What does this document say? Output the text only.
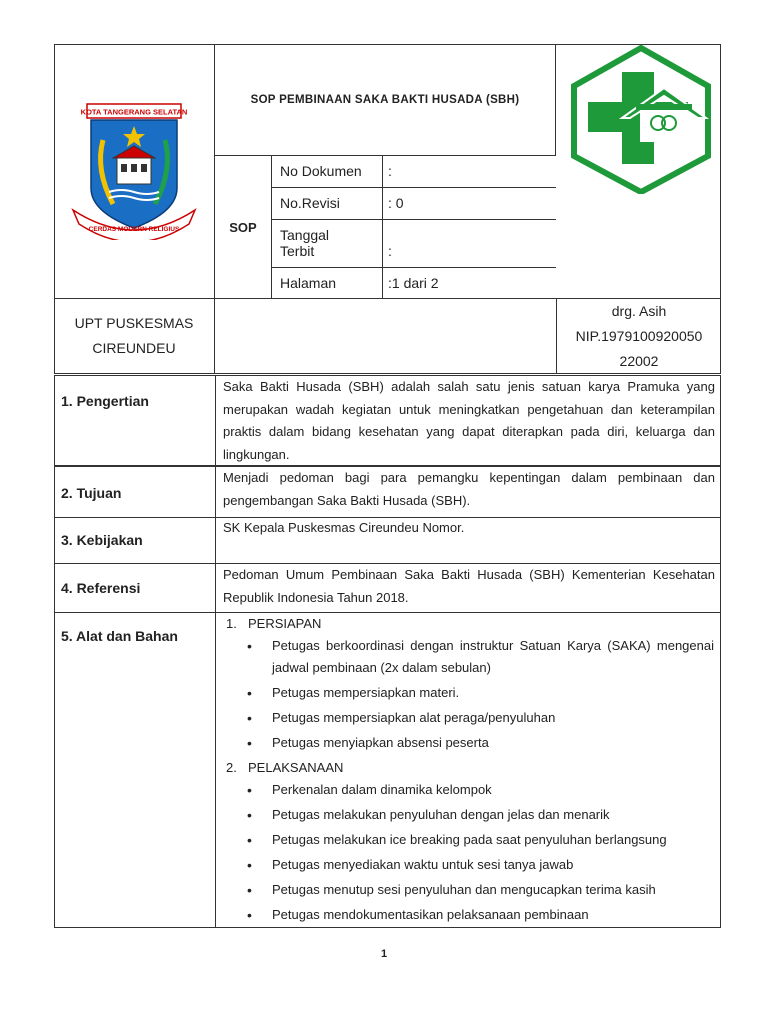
KOTA TANGERANG SELATAN
CERDAS MODERN RELIGIUS
SOP PEMBINAAN SAKA BAKTI HUSADA (SBH)
SOP
No Dokumen :
No.Revisi	: 0
Tanggal Terbit	:
Halaman	:1 dari 2
UPT PUSKESMAS
CIREUNDEU
drg. Asih
NIP.1979100920050
22002
1. Pengertian
Saka Bakti Husada (SBH) adalah salah satu jenis satuan karya Pramuka yang merupakan wadah kegiatan untuk meningkatkan pengetahuan dan keterampilan praktis dalam bidang kesehatan yang dapat diterapkan pada diri, keluarga dan lingkungan.
2. Tujuan
Menjadi pedoman bagi para pemangku kepentingan dalam pembinaan dan pengembangan Saka Bakti Husada (SBH).
3. Kebijakan
SK Kepala Puskesmas Cireundeu Nomor.
4. Referensi
Pedoman Umum Pembinaan Saka Bakti Husada (SBH) Kementerian Kesehatan Republik Indonesia Tahun 2018.
5. Alat dan Bahan
1. PERSIAPAN
• Petugas berkoordinasi dengan instruktur Satuan Karya (SAKA) mengenai jadwal pembinaan (2x dalam sebulan)
• Petugas mempersiapkan materi.
• Petugas mempersiapkan alat peraga/penyuluhan
• Petugas menyiapkan absensi peserta
2. PELAKSANAAN
• Perkenalan dalam dinamika kelompok
• Petugas melakukan penyuluhan dengan jelas dan menarik
• Petugas melakukan ice breaking pada saat penyuluhan berlangsung
• Petugas menyediakan waktu untuk sesi tanya jawab
• Petugas menutup sesi penyuluhan dan mengucapkan terima kasih
• Petugas mendokumentasikan pelaksanaan pembinaan
1
